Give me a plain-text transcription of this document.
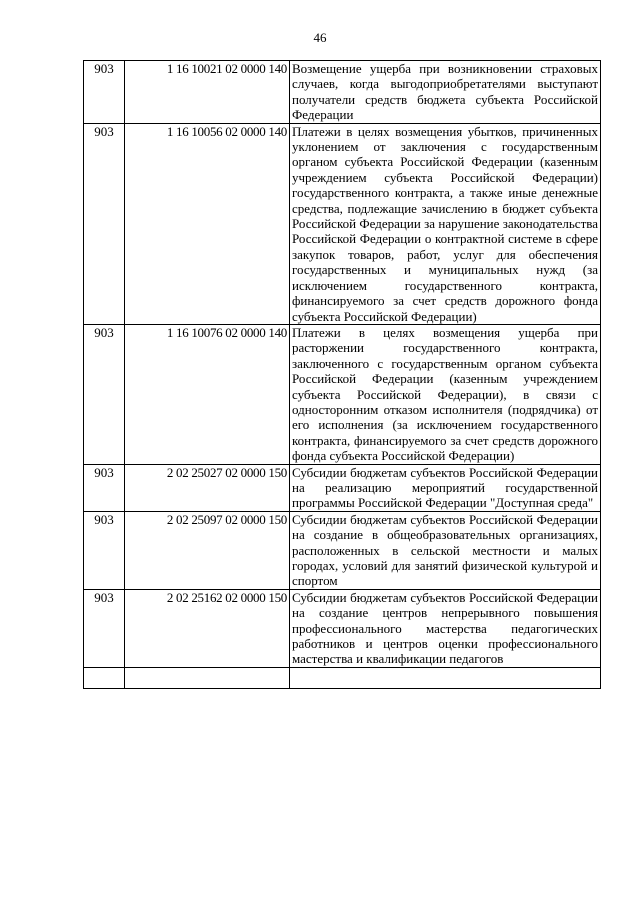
46
903	1 16 10021 02 0000 140	Возмещение ущерба при возникновении страховых случаев, когда выгодоприобретателями выступают получатели средств бюджета субъекта Российской Федерации
903	1 16 10056 02 0000 140	Платежи в целях возмещения убытков, причиненных уклонением от заключения с государственным органом субъекта Российской Федерации (казенным учреждением субъекта Российской Федерации) государственного контракта, а также иные денежные средства, подлежащие зачислению в бюджет субъекта Российской Федерации за нарушение законодательства Российской Федерации о контрактной системе в сфере закупок товаров, работ, услуг для обеспечения государственных и муниципальных нужд (за исключением государственного контракта, финансируемого за счет средств дорожного фонда субъекта Российской Федерации)
903	1 16 10076 02 0000 140	Платежи в целях возмещения ущерба при расторжении государственного контракта, заключенного с государственным органом субъекта Российской Федерации (казенным учреждением субъекта Российской Федерации), в связи с односторонним отказом исполнителя (подрядчика) от его исполнения (за исключением государственного контракта, финансируемого за счет средств дорожного фонда субъекта Российской Федерации)
903	2 02 25027 02 0000 150	Субсидии бюджетам субъектов Российской Федерации на реализацию мероприятий государственной программы Российской Федерации "Доступная среда"
903	2 02 25097 02 0000 150	Субсидии бюджетам субъектов Российской Федерации на создание в общеобразовательных организациях, расположенных в сельской местности и малых городах, условий для занятий физической культурой и спортом
903	2 02 25162 02 0000 150	Субсидии бюджетам субъектов Российской Федерации на создание центров непрерывного повышения профессионального мастерства педагогических работников и центров оценки профессионального мастерства и квалификации педагогов
